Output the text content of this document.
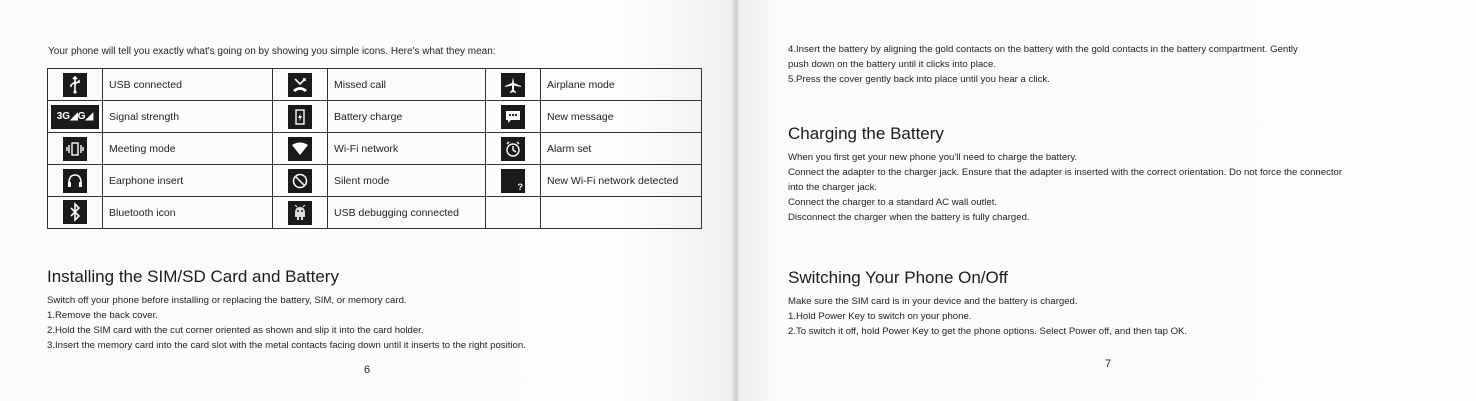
Your phone will tell you exactly what's going on by showing you simple icons. Here's what they mean:
	USB connected		Missed call		Airplane mode
3G◢G◢	Signal strength		Battery charge		New message

	Meeting mode		Wi-Fi network		Alarm set

	Earphone insert		Silent mode	?	New Wi-Fi network detected

	Bluetooth icon		USB debugging connected		
Installing the SIM/SD Card and Battery

Switch off your phone before installing or replacing the battery, SIM, or memory card.

1.Remove the back cover.

2.Hold the SIM card with the cut corner oriented as shown and slip it into the card holder.

3.Insert the memory card into the card slot with the metal contacts facing down until it inserts to the right position.

6

4.Insert the battery by aligning the gold contacts on the battery with the gold contacts in the battery compartment. Gently

push down on the battery until it clicks into place.

5.Press the cover gently back into place until you hear a click.

Charging the Battery

When you first get your new phone you'll need to charge the battery.

Connect the adapter to the charger jack. Ensure that the adapter is inserted with the correct orientation. Do not force the connector

into the charger jack.

Connect the charger to a standard AC wall outlet.

Disconnect the charger when the battery is fully charged.

Switching Your Phone On/Off

Make sure the SIM card is in your device and the battery is charged.

1.Hold Power Key to switch on your phone.

2.To switch it off, hold Power Key to get the phone options. Select Power off, and then tap OK.

7
